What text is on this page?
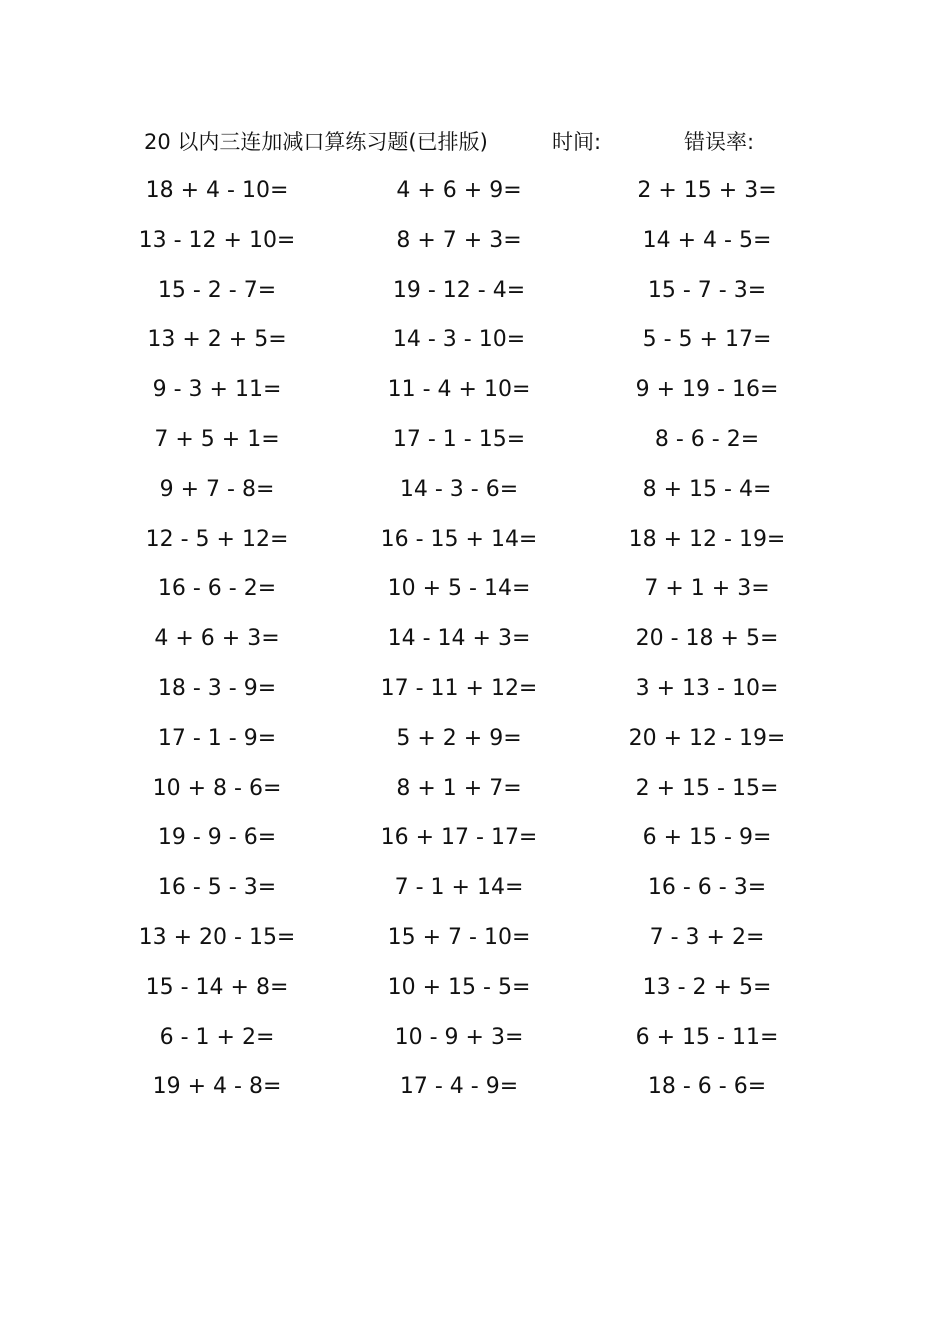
20 以内三连加减口算练习题(已排版)	时间:	错误率:
18 + 4 - 10=	4 + 6 + 9=	2 + 15 + 3=
13 - 12 + 10=	8 + 7 + 3=	14 + 4 - 5=
15 - 2 - 7=	19 - 12 - 4=	15 - 7 - 3=
13 + 2 + 5=	14 - 3 - 10=	5 - 5 + 17=
9 - 3 + 11=	11 - 4 + 10=	9 + 19 - 16=
7 + 5 + 1=	17 - 1 - 15=	8 - 6 - 2=
9 + 7 - 8=	14 - 3 - 6=	8 + 15 - 4=
12 - 5 + 12=	16 - 15 + 14=	18 + 12 - 19=
16 - 6 - 2=	10 + 5 - 14=	7 + 1 + 3=
4 + 6 + 3=	14 - 14 + 3=	20 - 18 + 5=
18 - 3 - 9=	17 - 11 + 12=	3 + 13 - 10=
17 - 1 - 9=	5 + 2 + 9=	20 + 12 - 19=
10 + 8 - 6=	8 + 1 + 7=	2 + 15 - 15=
19 - 9 - 6=	16 + 17 - 17=	6 + 15 - 9=
16 - 5 - 3=	7 - 1 + 14=	16 - 6 - 3=
13 + 20 - 15=	15 + 7 - 10=	7 - 3 + 2=
15 - 14 + 8=	10 + 15 - 5=	13 - 2 + 5=
6 - 1 + 2=	10 - 9 + 3=	6 + 15 - 11=
19 + 4 - 8=	17 - 4 - 9=	18 - 6 - 6=
